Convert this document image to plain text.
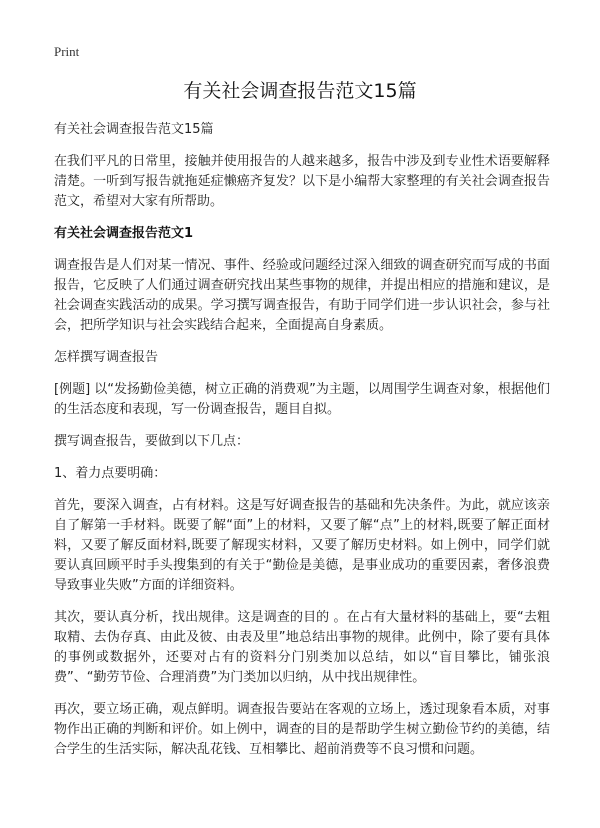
Print
有关社会调查报告范文15篇

有关社会调查报告范文15篇

在我们平凡的日常里，接触并使用报告的人越来越多，报告中涉及到专业性术语要解释清楚。一听到写报告就拖延症懒癌齐复发？以下是小编帮大家整理的有关社会调查报告范文，希望对大家有所帮助。

有关社会调查报告范文1

调查报告是人们对某一情况、事件、经验或问题经过深入细致的调查研究而写成的书面报告，它反映了人们通过调查研究找出某些事物的规律，并提出相应的措施和建议，是社会调查实践活动的成果。学习撰写调查报告，有助于同学们进一步认识社会，参与社会，把所学知识与社会实践结合起来，全面提高自身素质。

怎样撰写调查报告

[例题] 以“发扬勤俭美德，树立正确的消费观”为主题，以周围学生调查对象，根据他们的生活态度和表现，写一份调查报告，题目自拟。

撰写调查报告，要做到以下几点：

1、着力点要明确：

首先，要深入调查，占有材料。这是写好调查报告的基础和先决条件。为此，就应该亲自了解第一手材料。既要了解“面”上的材料，又要了解“点”上的材料,既要了解正面材料，又要了解反面材料,既要了解现实材料，又要了解历史材料。如上例中，同学们就要认真回顾平时手头搜集到的有关于“勤俭是美德，是事业成功的重要因素，奢侈浪费导致事业失败”方面的详细资料。

其次，要认真分析，找出规律。这是调查的目的 。在占有大量材料的基础上，要“去粗取精、去伪存真、由此及彼、由表及里”地总结出事物的规律。此例中，除了要有具体的事例或数据外，还要对占有的资料分门别类加以总结，如以“盲目攀比，铺张浪费”、“勤劳节俭、合理消费”为门类加以归纳，从中找出规律性。

再次，要立场正确，观点鲜明。调查报告要站在客观的立场上，透过现象看本质，对事物作出正确的判断和评价。如上例中，调查的目的是帮助学生树立勤俭节约的美德，结合学生的生活实际，解决乱花钱、互相攀比、超前消费等不良习惯和问题。
